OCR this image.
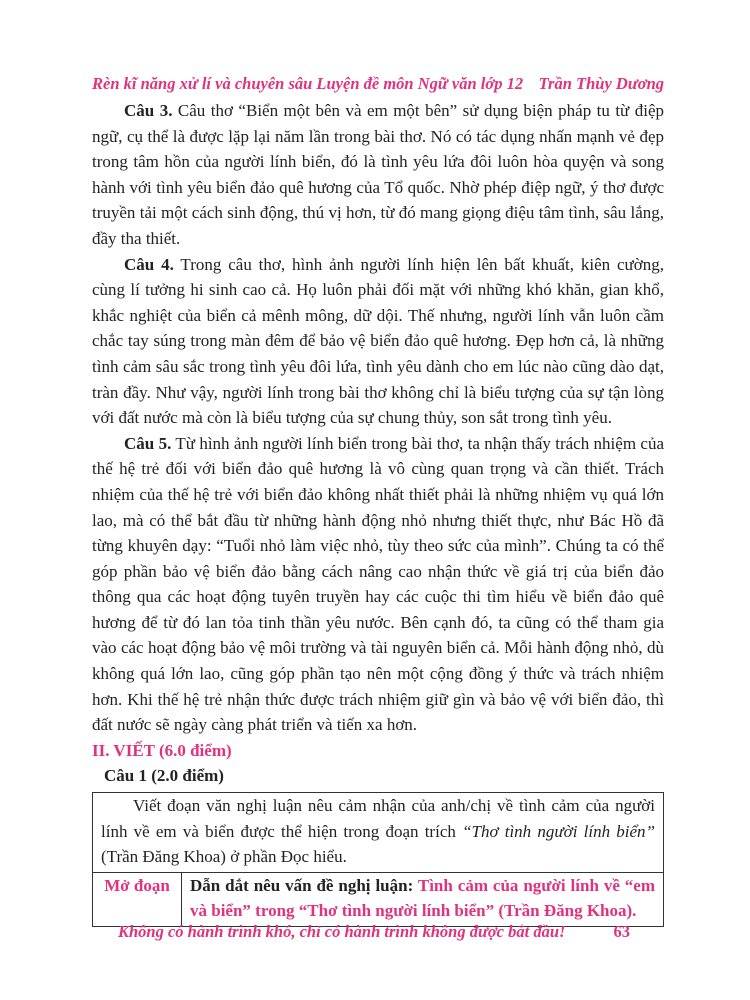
Rèn kĩ năng xử lí và chuyên sâu Luyện đề môn Ngữ văn lớp 12 Trần Thùy Dương

Câu 3. Câu thơ “Biển một bên và em một bên” sử dụng biện pháp tu từ điệp ngữ, cụ thể là được lặp lại năm lần trong bài thơ. Nó có tác dụng nhấn mạnh vẻ đẹp trong tâm hồn của người lính biển, đó là tình yêu lứa đôi luôn hòa quyện và song hành với tình yêu biển đảo quê hương của Tổ quốc. Nhờ phép điệp ngữ, ý thơ được truyền tải một cách sinh động, thú vị hơn, từ đó mang giọng điệu tâm tình, sâu lắng, đầy tha thiết.

Câu 4. Trong câu thơ, hình ảnh người lính hiện lên bất khuất, kiên cường, cùng lí tưởng hi sinh cao cả. Họ luôn phải đối mặt với những khó khăn, gian khổ, khắc nghiệt của biển cả mênh mông, dữ dội. Thế nhưng, người lính vẫn luôn cầm chắc tay súng trong màn đêm để bảo vệ biển đảo quê hương. Đẹp hơn cả, là những tình cảm sâu sắc trong tình yêu đôi lứa, tình yêu dành cho em lúc nào cũng dào dạt, tràn đầy. Như vậy, người lính trong bài thơ không chỉ là biểu tượng của sự tận lòng với đất nước mà còn là biểu tượng của sự chung thủy, son sắt trong tình yêu.

Câu 5. Từ hình ảnh người lính biển trong bài thơ, ta nhận thấy trách nhiệm của thế hệ trẻ đối với biển đảo quê hương là vô cùng quan trọng và cần thiết. Trách nhiệm của thế hệ trẻ với biển đảo không nhất thiết phải là những nhiệm vụ quá lớn lao, mà có thể bắt đầu từ những hành động nhỏ nhưng thiết thực, như Bác Hồ đã từng khuyên dạy: “Tuổi nhỏ làm việc nhỏ, tùy theo sức của mình”. Chúng ta có thể góp phần bảo vệ biển đảo bằng cách nâng cao nhận thức về giá trị của biển đảo thông qua các hoạt động tuyên truyền hay các cuộc thi tìm hiểu về biển đảo quê hương để từ đó lan tỏa tinh thần yêu nước. Bên cạnh đó, ta cũng có thể tham gia vào các hoạt động bảo vệ môi trường và tài nguyên biển cả. Mỗi hành động nhỏ, dù không quá lớn lao, cũng góp phần tạo nên một cộng đồng ý thức và trách nhiệm hơn. Khi thế hệ trẻ nhận thức được trách nhiệm giữ gìn và bảo vệ với biển đảo, thì đất nước sẽ ngày càng phát triển và tiến xa hơn.

II. VIẾT (6.0 điểm)

Câu 1 (2.0 điểm)

Viết đoạn văn nghị luận nêu cảm nhận của anh/chị về tình cảm của người lính về em và biển được thể hiện trong đoạn trích “Thơ tình người lính biển” (Trần Đăng Khoa) ở phần Đọc hiểu.
Mở đoạn	Dẫn dắt nêu vấn đề nghị luận: Tình cảm của người lính về “em và biển” trong “Thơ tình người lính biển” (Trần Đăng Khoa).
Không có hành trình khó, chỉ có hành trình không được bắt đầu!	63
